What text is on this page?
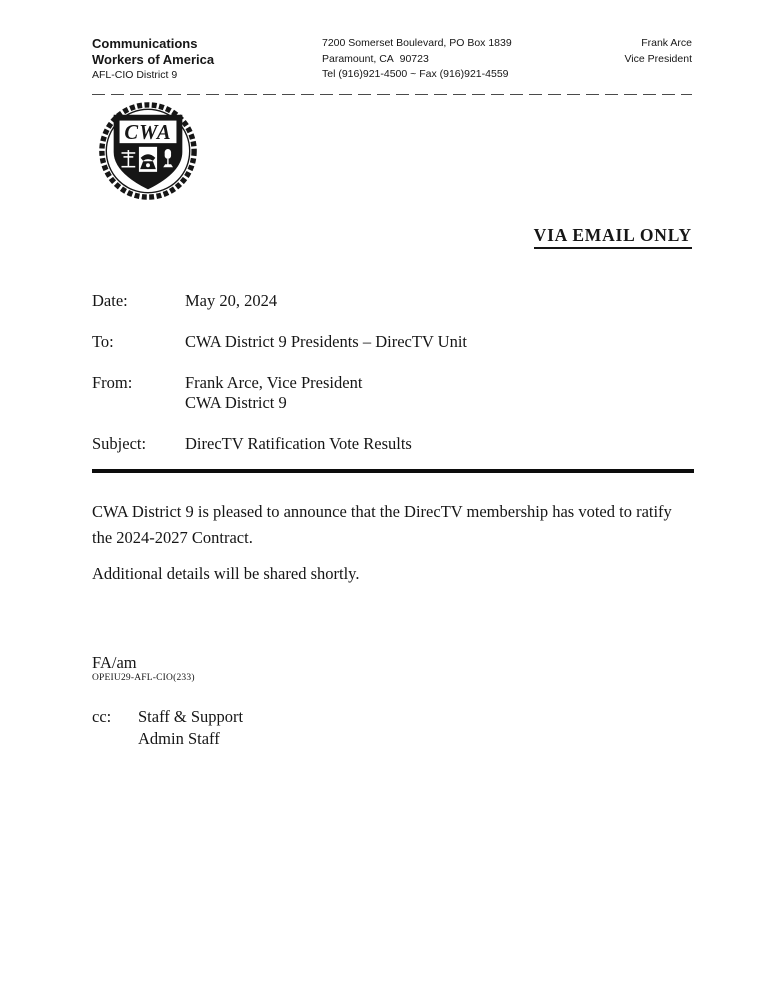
Communications
Workers of America
AFL-CIO District 9
7200 Somerset Boulevard, PO Box 1839
Paramount, CA  90723
Tel (916)921-4500 ~ Fax (916)921-4559
Frank Arce
Vice President
CWA
VIA EMAIL ONLY
Date:	May 20, 2024
To:	CWA District 9 Presidents – DirecTV Unit
From:	Frank Arce, Vice President
CWA District 9
Subject:	DirecTV Ratification Vote Results

CWA District 9 is pleased to announce that the DirecTV membership has voted to ratify the 2024-2027 Contract.

Additional details will be shared shortly.

FA/am
OPEIU29-AFL-CIO(233)
cc:	Staff & Support
Admin Staff
